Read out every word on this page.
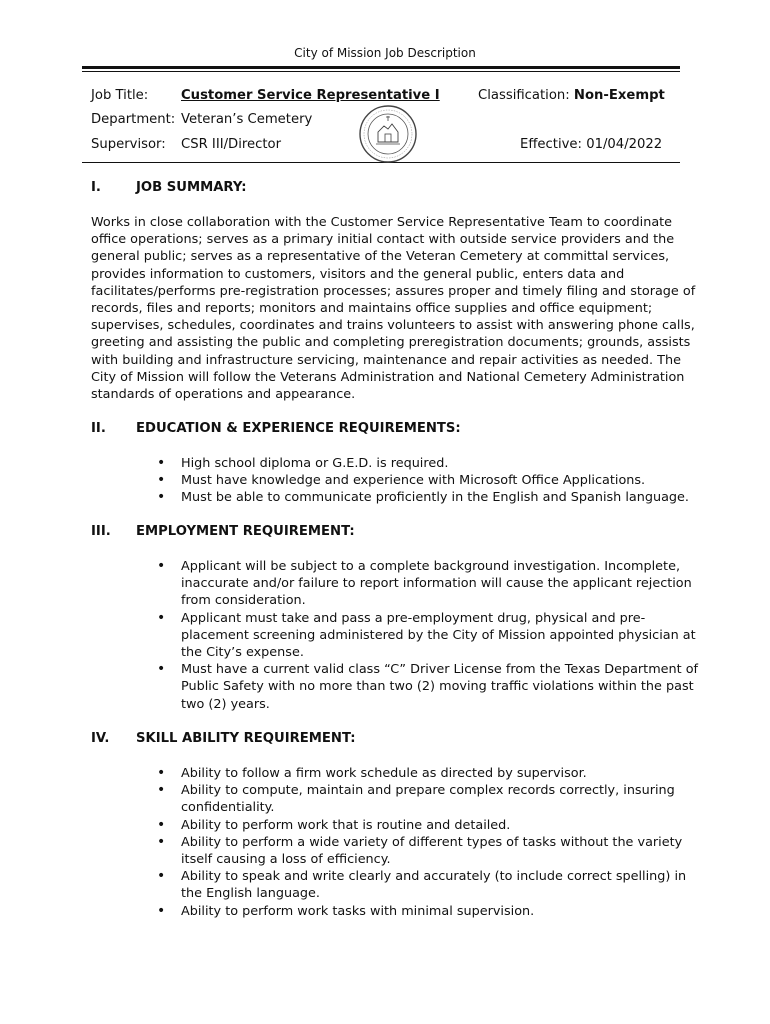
City of Mission Job Description
Job Title: Customer Service Representative I	Classification: Non-Exempt
Department: Veteran’s Cemetery
Supervisor: CSR III/Director	Effective: 01/04/2022
I.	JOB SUMMARY:
Works in close collaboration with the Customer Service Representative Team to coordinate
office operations; serves as a primary initial contact with outside service providers and the
general public; serves as a representative of the Veteran Cemetery at committal services,
provides information to customers, visitors and the general public, enters data and
facilitates/performs pre-registration processes; assures proper and timely filing and storage of
records, files and reports; monitors and maintains office supplies and office equipment;
supervises, schedules, coordinates and trains volunteers to assist with answering phone calls,
greeting and assisting the public and completing preregistration documents; grounds, assists
with building and infrastructure servicing, maintenance and repair activities as needed. The
City of Mission will follow the Veterans Administration and National Cemetery Administration
standards of operations and appearance.
II. EDUCATION & EXPERIENCE REQUIREMENTS:
• High school diploma or G.E.D. is required.
• Must have knowledge and experience with Microsoft Office Applications.
• Must be able to communicate proficiently in the English and Spanish language.
III. EMPLOYMENT REQUIREMENT:
• Applicant will be subject to a complete background investigation. Incomplete,
inaccurate and/or failure to report information will cause the applicant rejection
from consideration.
• Applicant must take and pass a pre-employment drug, physical and pre-
placement screening administered by the City of Mission appointed physician at
the City’s expense.
• Must have a current valid class “C” Driver License from the Texas Department of
Public Safety with no more than two (2) moving traffic violations within the past
two (2) years.
IV. SKILL ABILITY REQUIREMENT:
• Ability to follow a firm work schedule as directed by supervisor.
• Ability to compute, maintain and prepare complex records correctly, insuring
confidentiality.
• Ability to perform work that is routine and detailed.
• Ability to perform a wide variety of different types of tasks without the variety
itself causing a loss of efficiency.
• Ability to speak and write clearly and accurately (to include correct spelling) in
the English language.
• Ability to perform work tasks with minimal supervision.
